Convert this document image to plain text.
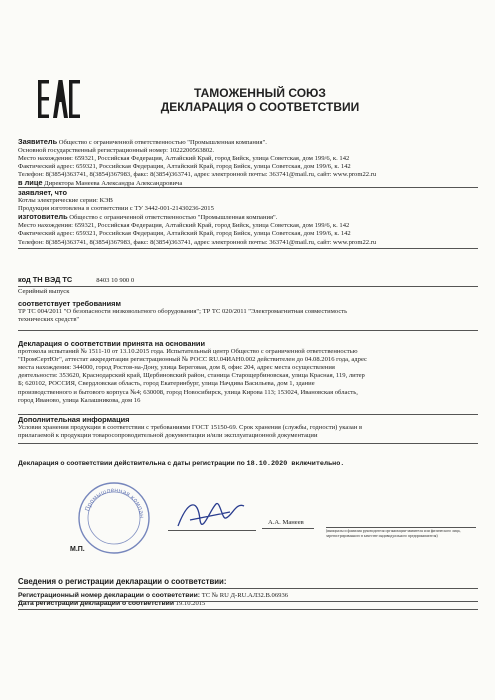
ТАМОЖЕННЫЙ СОЮЗ
ДЕКЛАРАЦИЯ О СООТВЕТСТВИИ
Заявитель Общество с ограниченной ответственностью "Промышленная компания".
Основной государственный регистрационный номер: 1022200563802.
Место нахождения: 659321, Российская Федерация, Алтайский Край, город Бийск, улица Советская, дом 199/6, к. 142
Фактический адрес: 659321, Российская Федерация, Алтайский Край, город Бийск, улица Советская, дом 199/6, к. 142
Телефон: 8(3854)363741, 8(3854)367983, факс: 8(3854)363741, адрес электронной почты: 363741@mail.ru, сайт: www.prom22.ru
в лице Директора Манеева Александра Александровича
заявляет, что
Котлы электрические серии: КЭВ
Продукция изготовлена в соответствии с ТУ 3442-001-21430236-2015
изготовитель Общество с ограниченной ответственностью "Промышленная компания".
Место нахождения: 659321, Российская Федерация, Алтайский Край, город Бийск, улица Советская, дом 199/6, к. 142
Фактический адрес: 659321, Российская Федерация, Алтайский Край, город Бийск, улица Советская, дом 199/6, к. 142
Телефон: 8(3854)363741, 8(3854)367983, факс: 8(3854)363741, адрес электронной почты: 363741@mail.ru, сайт: www.prom22.ru
код ТН ВЭД ТС	8403 10 900 0
Серийный выпуск
соответствует требованиям
ТР ТС 004/2011 "О безопасности низковольтного оборудования"; ТР ТС 020/2011 "Электромагнитная совместимость
технических средств"
Декларация о соответствии принята на основании
протокола испытаний № 1511-10 от 13.10.2015 года. Испытательный центр Общество с ограниченной ответственностью
"ПромСертЮг", аттестат аккредитации регистрационный № РОСС RU.04ИАН0.002 действителен до 04.08.2016 года, адрес
места нахождения: 344000, город Ростов-на-Дону, улица Береговая, дом 8, офис 204, адрес места осуществления
деятельности: 353620, Краснодарский край, Щербиновский район, станица Старощербиновская, улица Красная, 119, литер
Б; 620102, РОССИЯ, Свердловская область, город Екатеринбург, улица Начдива Васильева, дом 1, здание
производственного и бытового корпуса №4; 630008, город Новосибирск, улица Кирова 113; 153024, Ивановская область,
город Иваново, улица Калашникова, дом 16
Дополнительная информация
Условия хранения продукции в соответствии с требованиями ГОСТ 15150-69. Срок хранения (службы, годности) указан в
прилагаемой к продукции товаросопроводительной документации и/или эксплуатационной документации
Декларация о соответствии действительна с даты регистрации по 18.10.2020 включительно.
Промышленная компан
А.А. Манеев
(инициалы и фамилия руководителя организации-заявителя или физического лица, зарегистрированного в качестве индивидуального предпринимателя)
М.П.
Сведения о регистрации декларации о соответствии:
Регистрационный номер декларации о соответствии: ТС № RU Д-RU.АЛ32.В.06936
Дата регистрации декларации о соответствии 19.10.2015
